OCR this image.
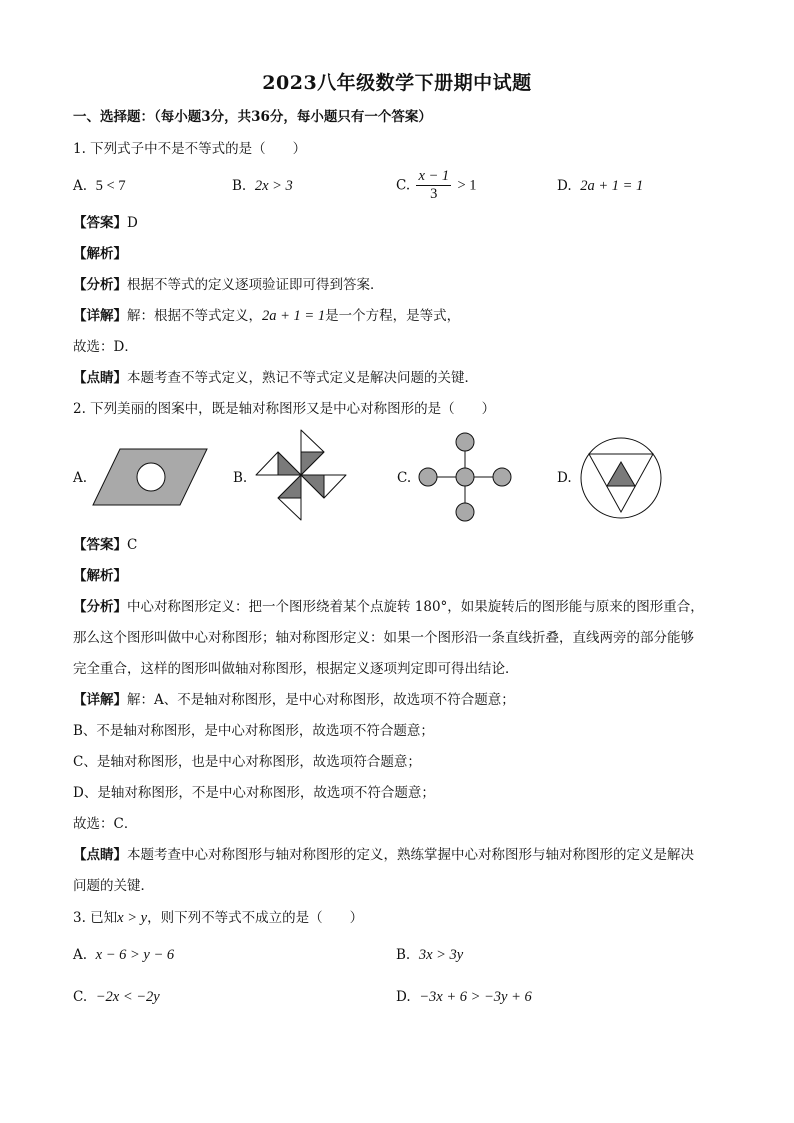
2023八年级数学下册期中试题
一、选择题：（每小题3分，共36分，每小题只有一个答案）
1. 下列式子中不是不等式的是（　　）
A. 5 < 7	B. 2x > 3	C. $\frac{x - 1}{3} > 1$	D. 2a + 1 = 1
【答案】D
【解析】
【分析】根据不等式的定义逐项验证即可得到答案．
【详解】解：根据不等式定义，2a + 1 = 1是一个方程，是等式，
故选：D．
【点睛】本题考查不等式定义，熟记不等式定义是解决问题的关键．
2. 下列美丽的图案中，既是轴对称图形又是中心对称图形的是（　　）
A.	B.	C.	D.
【答案】C
【解析】
【分析】中心对称图形定义：把一个图形绕着某个点旋转 180°，如果旋转后的图形能与原来的图形重合，
那么这个图形叫做中心对称图形；轴对称图形定义：如果一个图形沿一条直线折叠，直线两旁的部分能够
完全重合，这样的图形叫做轴对称图形，根据定义逐项判定即可得出结论．
【详解】解：A、不是轴对称图形，是中心对称图形，故选项不符合题意；
B、不是轴对称图形，是中心对称图形，故选项不符合题意；
C、是轴对称图形，也是中心对称图形，故选项符合题意；
D、是轴对称图形，不是中心对称图形，故选项不符合题意；
故选：C．
【点睛】本题考查中心对称图形与轴对称图形的定义，熟练掌握中心对称图形与轴对称图形的定义是解决
问题的关键．
3. 已知x > y，则下列不等式不成立的是（　　）
A. x − 6 > y − 6	B. 3x > 3y
C. −2x < −2y	D. −3x + 6 > −3y + 6
